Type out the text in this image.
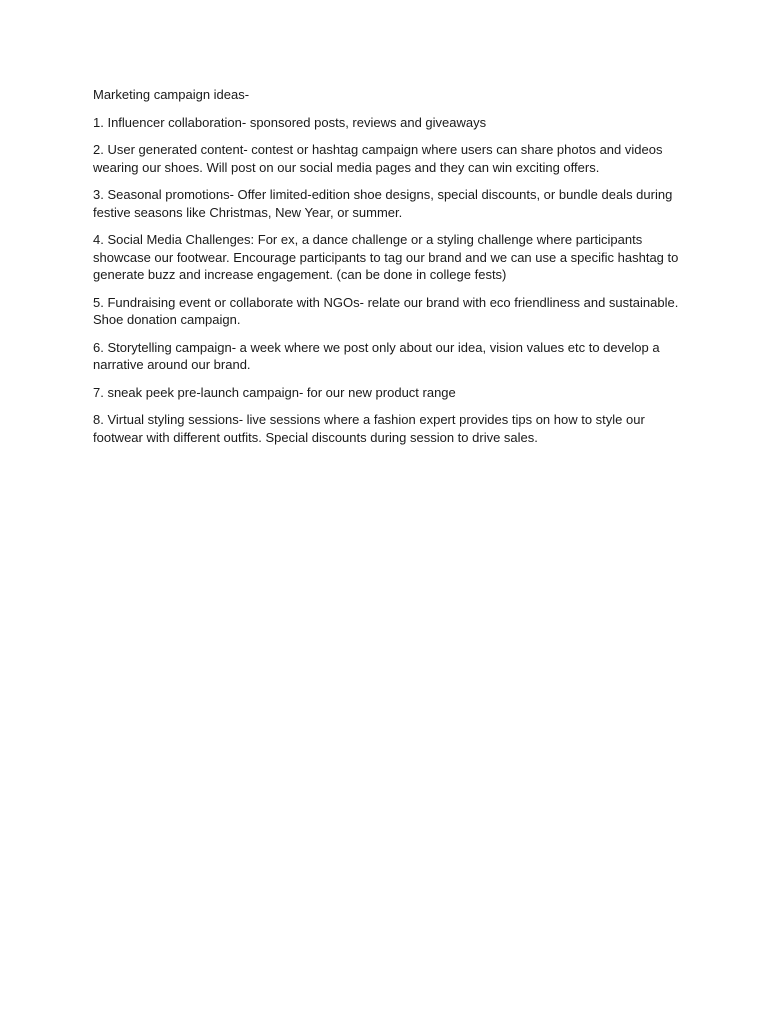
Marketing campaign ideas-

1. Influencer collaboration- sponsored posts, reviews and giveaways

2. User generated content- contest or hashtag campaign where users can share photos and videos wearing our shoes. Will post on our social media pages and they can win exciting offers.

3. Seasonal promotions- Offer limited-edition shoe designs, special discounts, or bundle deals during festive seasons like Christmas, New Year, or summer.

4. Social Media Challenges: For ex, a dance challenge or a styling challenge where participants showcase our footwear. Encourage participants to tag our brand and we can use a specific hashtag to generate buzz and increase engagement. (can be done in college fests)

5. Fundraising event or collaborate with NGOs- relate our brand with eco friendliness and sustainable. Shoe donation campaign.

6. Storytelling campaign- a week where we post only about our idea, vision values etc to develop a narrative around our brand.

7. sneak peek pre-launch campaign- for our new product range

8. Virtual styling sessions- live sessions where a fashion expert provides tips on how to style our footwear with different outfits. Special discounts during session to drive sales.
